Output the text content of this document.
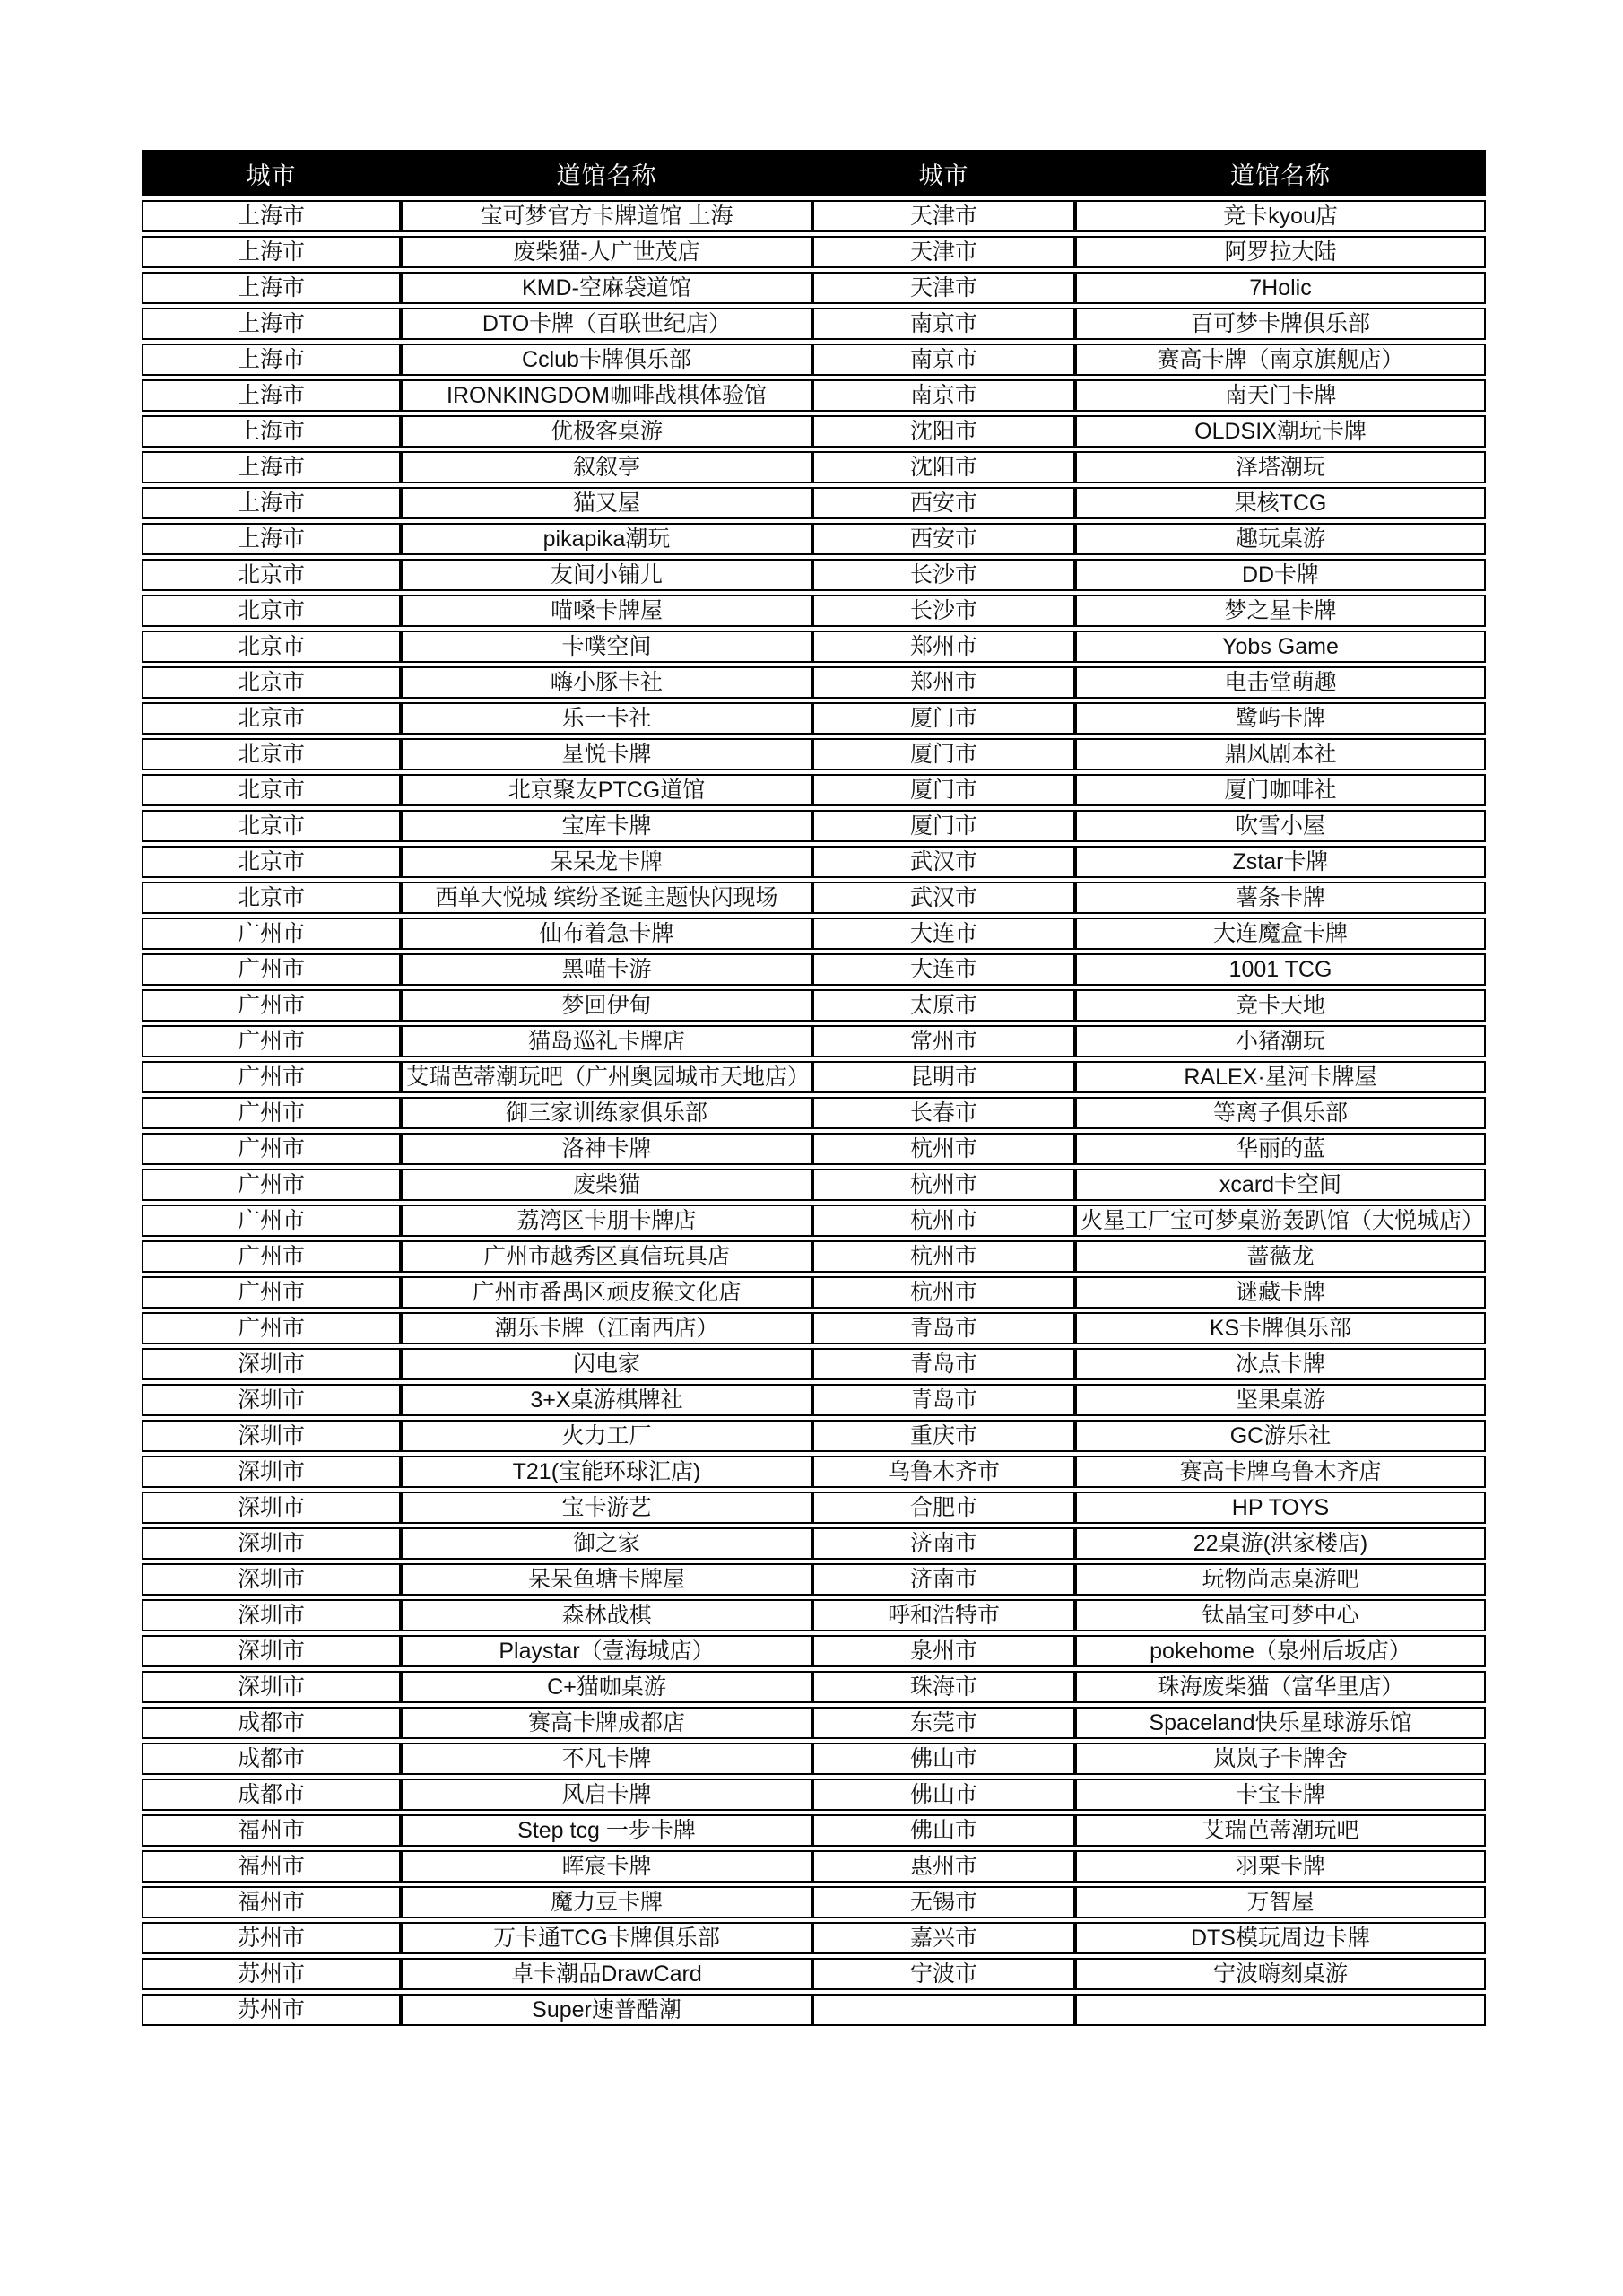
城市	道馆名称	城市	道馆名称
上海市	宝可梦官方卡牌道馆 上海	天津市	竞卡kyou店
上海市	废柴猫-人广世茂店	天津市	阿罗拉大陆
上海市	KMD-空麻袋道馆	天津市	7Holic
上海市	DTO卡牌（百联世纪店）	南京市	百可梦卡牌俱乐部
上海市	Cclub卡牌俱乐部	南京市	赛高卡牌（南京旗舰店）
上海市	IRONKINGDOM咖啡战棋体验馆	南京市	南天门卡牌
上海市	优极客桌游	沈阳市	OLDSIX潮玩卡牌
上海市	叙叙亭	沈阳市	泽塔潮玩
上海市	猫又屋	西安市	果核TCG
上海市	pikapika潮玩	西安市	趣玩桌游
北京市	友间小铺儿	长沙市	DD卡牌
北京市	喵嗓卡牌屋	长沙市	梦之星卡牌
北京市	卡噗空间	郑州市	Yobs Game
北京市	嗨小豚卡社	郑州市	电击堂萌趣
北京市	乐一卡社	厦门市	鹭屿卡牌
北京市	星悦卡牌	厦门市	鼎风剧本社
北京市	北京聚友PTCG道馆	厦门市	厦门咖啡社
北京市	宝库卡牌	厦门市	吹雪小屋
北京市	呆呆龙卡牌	武汉市	Zstar卡牌
北京市	西单大悦城 缤纷圣诞主题快闪现场	武汉市	薯条卡牌
广州市	仙布着急卡牌	大连市	大连魔盒卡牌
广州市	黑喵卡游	大连市	1001 TCG
广州市	梦回伊甸	太原市	竞卡天地
广州市	猫岛巡礼卡牌店	常州市	小猪潮玩
广州市	艾瑞芭蒂潮玩吧（广州奥园城市天地店）	昆明市	RALEX·星河卡牌屋
广州市	御三家训练家俱乐部	长春市	等离子俱乐部
广州市	洛神卡牌	杭州市	华丽的蓝
广州市	废柴猫	杭州市	xcard卡空间
广州市	荔湾区卡朋卡牌店	杭州市	火星工厂宝可梦桌游轰趴馆（大悦城店）
广州市	广州市越秀区真信玩具店	杭州市	蔷薇龙
广州市	广州市番禺区顽皮猴文化店	杭州市	谜藏卡牌
广州市	潮乐卡牌（江南西店）	青岛市	KS卡牌俱乐部
深圳市	闪电家	青岛市	冰点卡牌
深圳市	3+X桌游棋牌社	青岛市	坚果桌游
深圳市	火力工厂	重庆市	GC游乐社
深圳市	T21(宝能环球汇店)	乌鲁木齐市	赛高卡牌乌鲁木齐店
深圳市	宝卡游艺	合肥市	HP TOYS
深圳市	御之家	济南市	22桌游(洪家楼店)
深圳市	呆呆鱼塘卡牌屋	济南市	玩物尚志桌游吧
深圳市	森林战棋	呼和浩特市	钛晶宝可梦中心
深圳市	Playstar（壹海城店）	泉州市	pokehome（泉州后坂店）
深圳市	C+猫咖桌游	珠海市	珠海废柴猫（富华里店）
成都市	赛高卡牌成都店	东莞市	Spaceland快乐星球游乐馆
成都市	不凡卡牌	佛山市	岚岚子卡牌舍
成都市	风启卡牌	佛山市	卡宝卡牌
福州市	Step tcg 一步卡牌	佛山市	艾瑞芭蒂潮玩吧
福州市	晖宸卡牌	惠州市	羽栗卡牌
福州市	魔力豆卡牌	无锡市	万智屋
苏州市	万卡通TCG卡牌俱乐部	嘉兴市	DTS模玩周边卡牌
苏州市	卓卡潮品DrawCard	宁波市	宁波嗨刻桌游
苏州市	Super速普酷潮		
